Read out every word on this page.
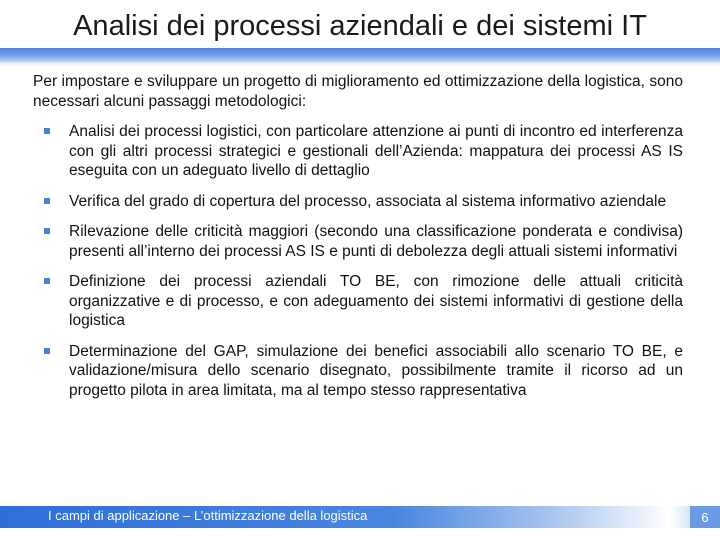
Analisi dei processi aziendali e dei sistemi IT

Per impostare e sviluppare un progetto di miglioramento ed ottimizzazione della logistica, sono necessari alcuni passaggi metodologici:

Analisi dei processi logistici, con particolare attenzione ai punti di incontro ed interferenza con gli altri processi strategici e gestionali dell’Azienda: mappatura dei processi AS IS eseguita con un adeguato livello di dettaglio
Verifica del grado di copertura del processo, associata al sistema informativo aziendale
Rilevazione delle criticità maggiori (secondo una classificazione ponderata e condivisa) presenti all’interno dei processi AS IS e punti di debolezza degli attuali sistemi informativi
Definizione dei processi aziendali TO BE, con rimozione delle attuali criticità organizzative e di processo, e con adeguamento dei sistemi informativi di gestione della logistica
Determinazione del GAP, simulazione dei benefici associabili allo scenario TO BE, e validazione/misura dello scenario disegnato, possibilmente tramite il ricorso ad un progetto pilota in area limitata, ma al tempo stesso rappresentativa
I campi di applicazione – L’ottimizzazione della logistica	6
